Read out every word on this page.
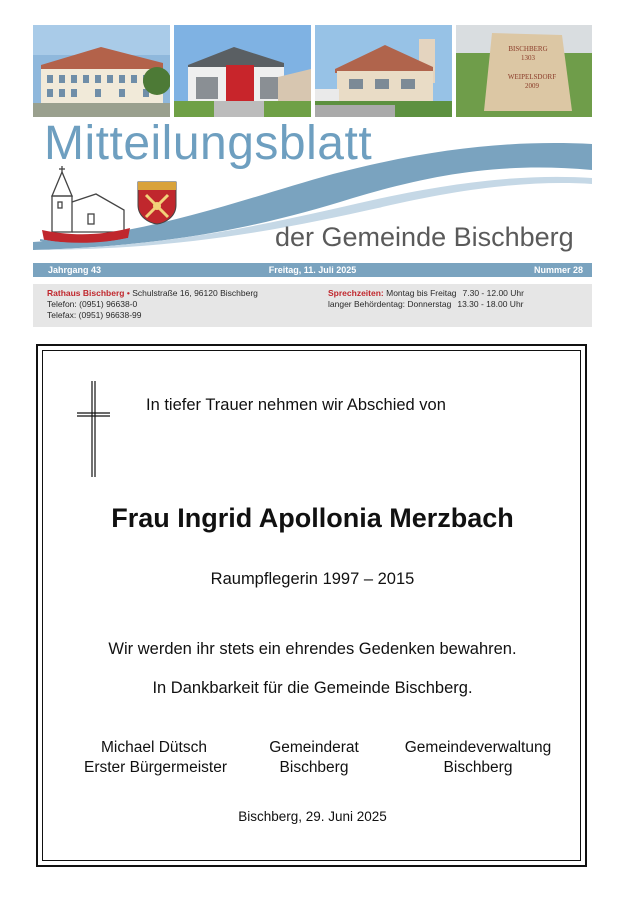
BISCHBERG
1303
WEIPELSDORF
2009
Mitteilungsblatt
der Gemeinde Bischberg
Jahrgang 43	Freitag, 11. Juli 2025	Nummer 28
Rathaus Bischberg • Schulstraße 16, 96120 Bischberg
Telefon: (0951) 96638-0
Telefax: (0951) 96638-99
Sprechzeiten: Montag bis Freitag 7.30 - 12.00 Uhr
langer Behördentag: Donnerstag 13.30 - 18.00 Uhr
In tiefer Trauer nehmen wir Abschied von
Frau Ingrid Apollonia Merzbach
Raumpflegerin 1997 – 2015
Wir werden ihr stets ein ehrendes Gedenken bewahren.
In Dankbarkeit für die Gemeinde Bischberg.
Michael Dütsch
Erster Bürgermeister
Gemeinderat
Bischberg
Gemeindeverwaltung
Bischberg
Bischberg, 29. Juni 2025
